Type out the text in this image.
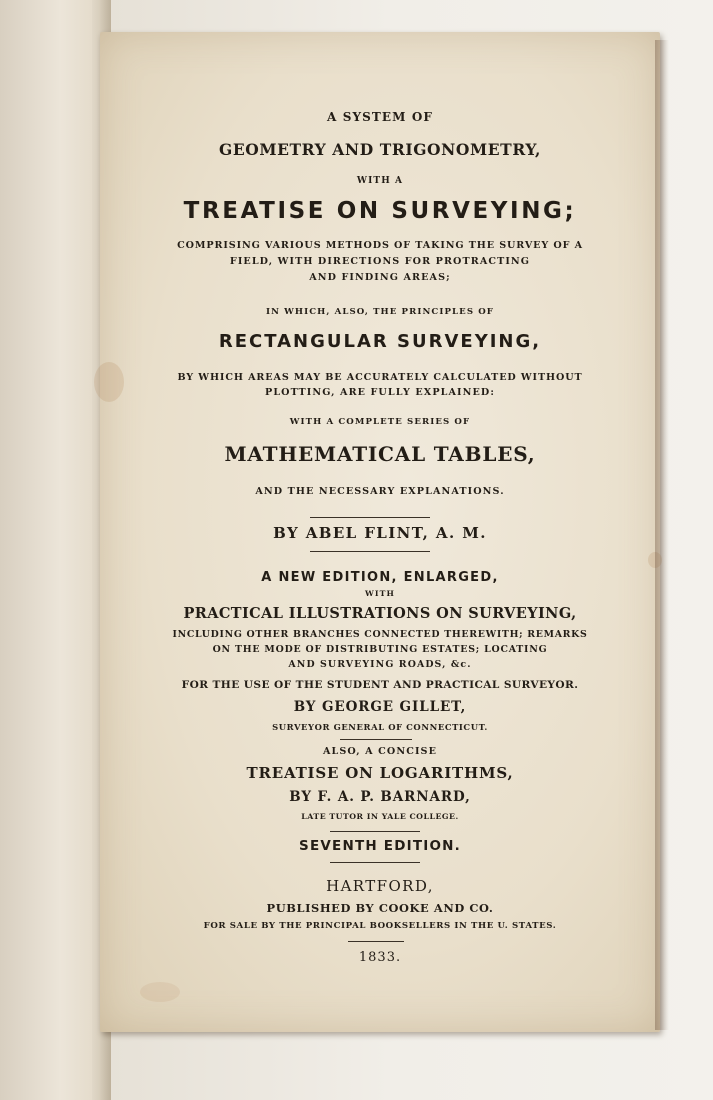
A SYSTEM OF
GEOMETRY AND TRIGONOMETRY,
WITH A
TREATISE ON SURVEYING;
COMPRISING VARIOUS METHODS OF TAKING THE SURVEY OF A
FIELD, WITH DIRECTIONS FOR PROTRACTING
AND FINDING AREAS;
IN WHICH, ALSO, THE PRINCIPLES OF
RECTANGULAR SURVEYING,
BY WHICH AREAS MAY BE ACCURATELY CALCULATED WITHOUT
PLOTTING, ARE FULLY EXPLAINED:
WITH A COMPLETE SERIES OF
MATHEMATICAL TABLES,
AND THE NECESSARY EXPLANATIONS.
BY ABEL FLINT, A. M.
A NEW EDITION, ENLARGED,
WITH
PRACTICAL ILLUSTRATIONS ON SURVEYING,
INCLUDING OTHER BRANCHES CONNECTED THEREWITH; REMARKS
ON THE MODE OF DISTRIBUTING ESTATES; LOCATING
AND SURVEYING ROADS, &c.
FOR THE USE OF THE STUDENT AND PRACTICAL SURVEYOR.
BY GEORGE GILLET,
SURVEYOR GENERAL OF CONNECTICUT.
ALSO, A CONCISE
TREATISE ON LOGARITHMS,
BY F. A. P. BARNARD,
LATE TUTOR IN YALE COLLEGE.
SEVENTH EDITION.
HARTFORD,
PUBLISHED BY COOKE AND CO.
FOR SALE BY THE PRINCIPAL BOOKSELLERS IN THE U. STATES.
1833.
